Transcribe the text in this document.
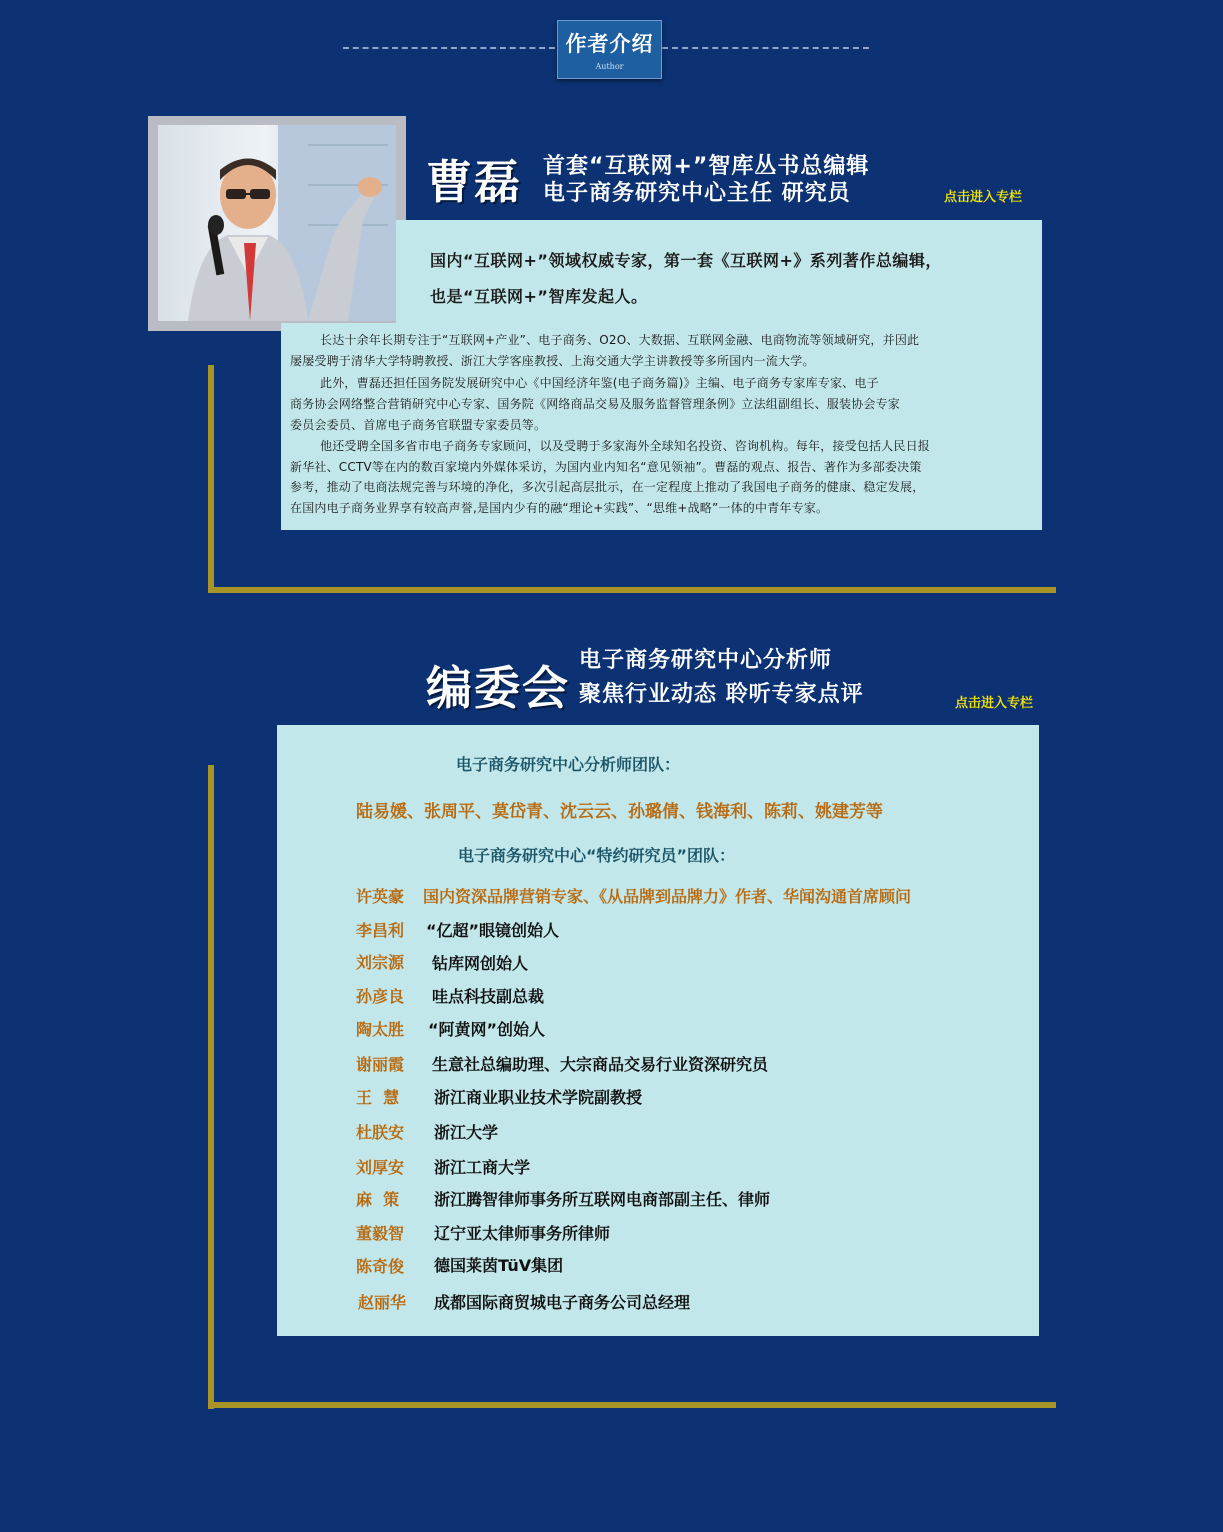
作者介绍
Author
曹磊 首套“互联网+”智库丛书总编辑
电子商务研究中心主任 研究员	点击进入专栏
国内“互联网+”领域权威专家，第一套《互联网+》系列著作总编辑，
也是“互联网+”智库发起人。
长达十余年长期专注于“互联网+产业”、电子商务、O2O、大数据、互联网金融、电商物流等领域研究，并因此
屡屡受聘于清华大学特聘教授、浙江大学客座教授、上海交通大学主讲教授等多所国内一流大学。
此外，曹磊还担任国务院发展研究中心《中国经济年鉴(电子商务篇)》主编、电子商务专家库专家、电子
商务协会网络整合营销研究中心专家、国务院《网络商品交易及服务监督管理条例》立法组副组长、服装协会专家
委员会委员、首席电子商务官联盟专家委员等。
他还受聘全国多省市电子商务专家顾问，以及受聘于多家海外全球知名投资、咨询机构。每年，接受包括人民日报
新华社、CCTV等在内的数百家境内外媒体采访，为国内业内知名“意见领袖”。曹磊的观点、报告、著作为多部委决策
参考，推动了电商法规完善与环境的净化，多次引起高层批示，在一定程度上推动了我国电子商务的健康、稳定发展，
在国内电子商务业界享有较高声誉,是国内少有的融“理论+实践”、“思维+战略”一体的中青年专家。
编委会
电子商务研究中心分析师
聚焦行业动态 聆听专家点评	点击进入专栏
电子商务研究中心分析师团队：
陆易媛、张周平、莫岱青、沈云云、孙璐倩、钱海利、陈莉、姚建芳等
电子商务研究中心“特约研究员”团队：
许英豪 国内资深品牌营销专家、《从品牌到品牌力》作者、华闻沟通首席顾问
李昌利 “亿超”眼镜创始人
刘宗源 钻库网创始人
孙彦良 哇点科技副总裁
陶太胜 “阿黄网”创始人
谢丽霞 生意社总编助理、大宗商品交易行业资深研究员
王  慧 浙江商业职业技术学院副教授
杜朕安 浙江大学
刘厚安 浙江工商大学
麻  策 浙江腾智律师事务所互联网电商部副主任、律师
董毅智 辽宁亚太律师事务所律师
陈奇俊 德国莱茵TüV集团
赵丽华 成都国际商贸城电子商务公司总经理
